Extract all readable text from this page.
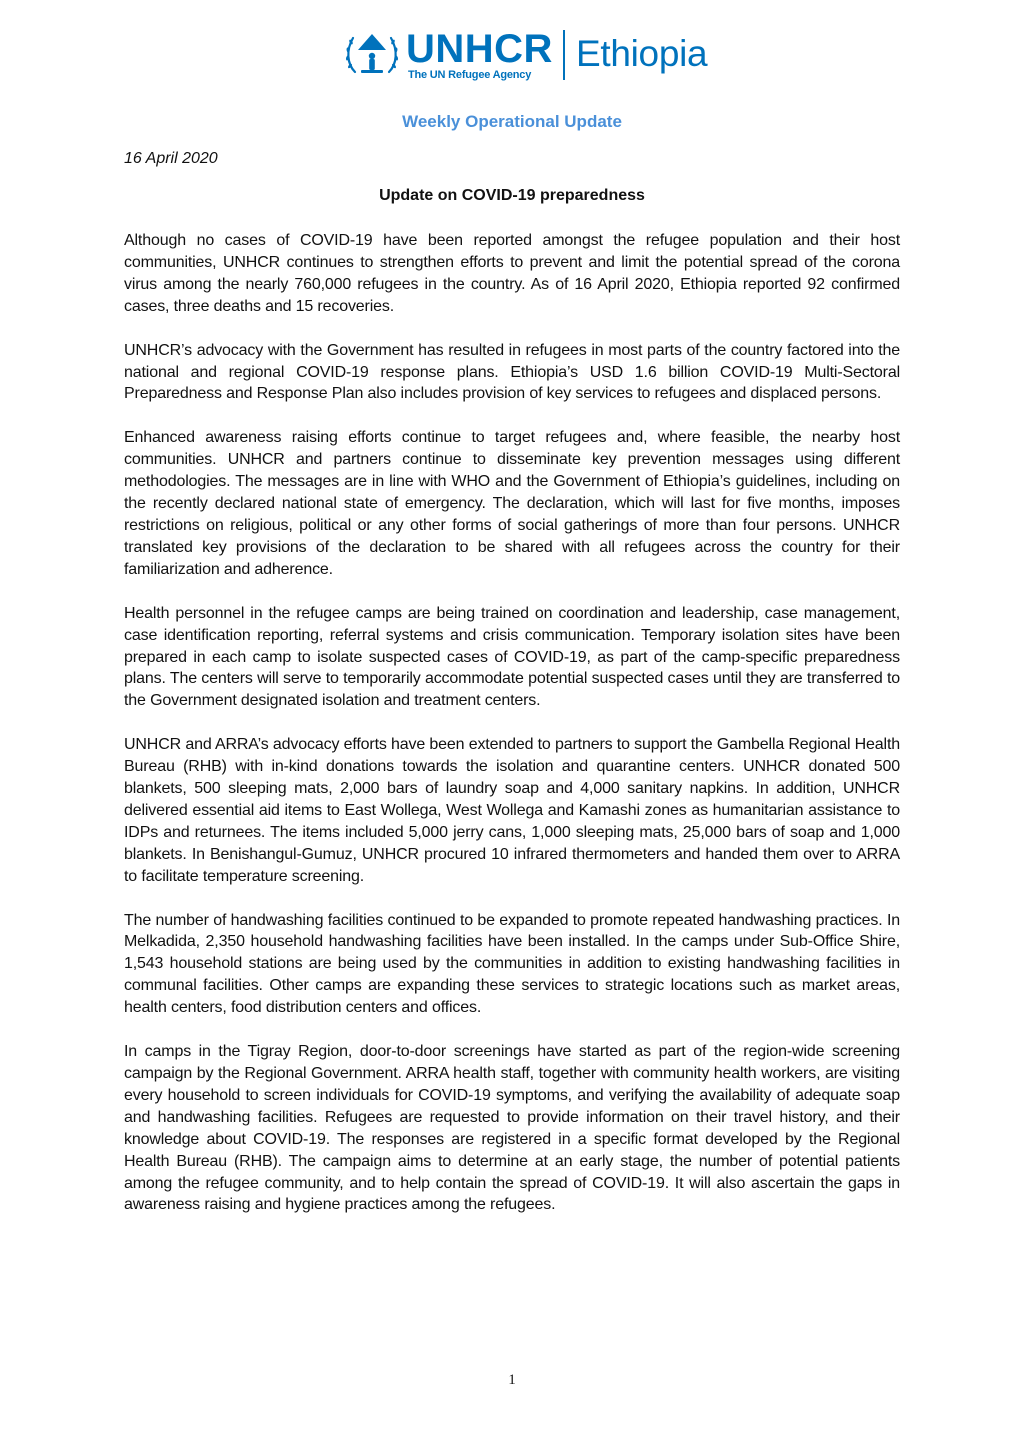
UNHCR
The UN Refugee Agency
Ethiopia
Weekly Operational Update
16 April 2020
Update on COVID-19 preparedness

Although no cases of COVID-19 have been reported amongst the refugee population and their host communities, UNHCR continues to strengthen efforts to prevent and limit the potential spread of the corona virus among the nearly 760,000 refugees in the country. As of 16 April 2020, Ethiopia reported 92 confirmed cases, three deaths and 15 recoveries.

UNHCR’s advocacy with the Government has resulted in refugees in most parts of the country factored into the national and regional COVID-19 response plans. Ethiopia’s USD 1.6 billion COVID-19 Multi-Sectoral Preparedness and Response Plan also includes provision of key services to refugees and displaced persons.

Enhanced awareness raising efforts continue to target refugees and, where feasible, the nearby host communities. UNHCR and partners continue to disseminate key prevention messages using different methodologies. The messages are in line with WHO and the Government of Ethiopia’s guidelines, including on the recently declared national state of emergency. The declaration, which will last for five months, imposes restrictions on religious, political or any other forms of social gatherings of more than four persons. UNHCR translated key provisions of the declaration to be shared with all refugees across the country for their familiarization and adherence.

Health personnel in the refugee camps are being trained on coordination and leadership, case management, case identification reporting, referral systems and crisis communication. Temporary isolation sites have been prepared in each camp to isolate suspected cases of COVID-19, as part of the camp-specific preparedness plans. The centers will serve to temporarily accommodate potential suspected cases until they are transferred to the Government designated isolation and treatment centers.

UNHCR and ARRA’s advocacy efforts have been extended to partners to support the Gambella Regional Health Bureau (RHB) with in-kind donations towards the isolation and quarantine centers. UNHCR donated 500 blankets, 500 sleeping mats, 2,000 bars of laundry soap and 4,000 sanitary napkins. In addition, UNHCR delivered essential aid items to East Wollega, West Wollega and Kamashi zones as humanitarian assistance to IDPs and returnees. The items included 5,000 jerry cans, 1,000 sleeping mats, 25,000 bars of soap and 1,000 blankets. In Benishangul-Gumuz, UNHCR procured 10 infrared thermometers and handed them over to ARRA to facilitate temperature screening.

The number of handwashing facilities continued to be expanded to promote repeated handwashing practices. In Melkadida, 2,350 household handwashing facilities have been installed. In the camps under Sub-Office Shire, 1,543 household stations are being used by the communities in addition to existing handwashing facilities in communal facilities. Other camps are expanding these services to strategic locations such as market areas, health centers, food distribution centers and offices.

In camps in the Tigray Region, door-to-door screenings have started as part of the region-wide screening campaign by the Regional Government. ARRA health staff, together with community health workers, are visiting every household to screen individuals for COVID-19 symptoms, and verifying the availability of adequate soap and handwashing facilities. Refugees are requested to provide information on their travel history, and their knowledge about COVID-19. The responses are registered in a specific format developed by the Regional Health Bureau (RHB). The campaign aims to determine at an early stage, the number of potential patients among the refugee community, and to help contain the spread of COVID-19. It will also ascertain the gaps in awareness raising and hygiene practices among the refugees.

1
